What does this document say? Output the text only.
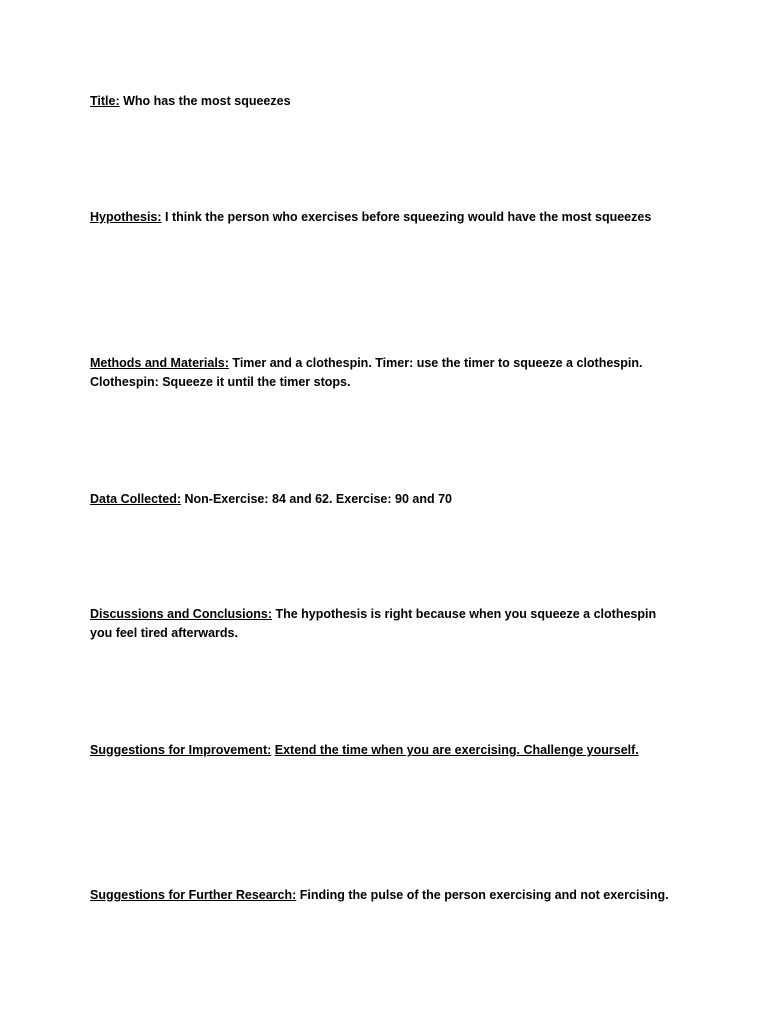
Title: Who has the most squeezes

Hypothesis: I think the person who exercises before squeezing would have the most squeezes

Methods and Materials: Timer and a clothespin. Timer: use the timer to squeeze a clothespin. Clothespin: Squeeze it until the timer stops.

Data Collected: Non-Exercise: 84 and 62. Exercise: 90 and 70

Discussions and Conclusions: The hypothesis is right because when you squeeze a clothespin you feel tired afterwards.

Suggestions for Improvement: Extend the time when you are exercising. Challenge yourself.

Suggestions for Further Research: Finding the pulse of the person exercising and not exercising.
